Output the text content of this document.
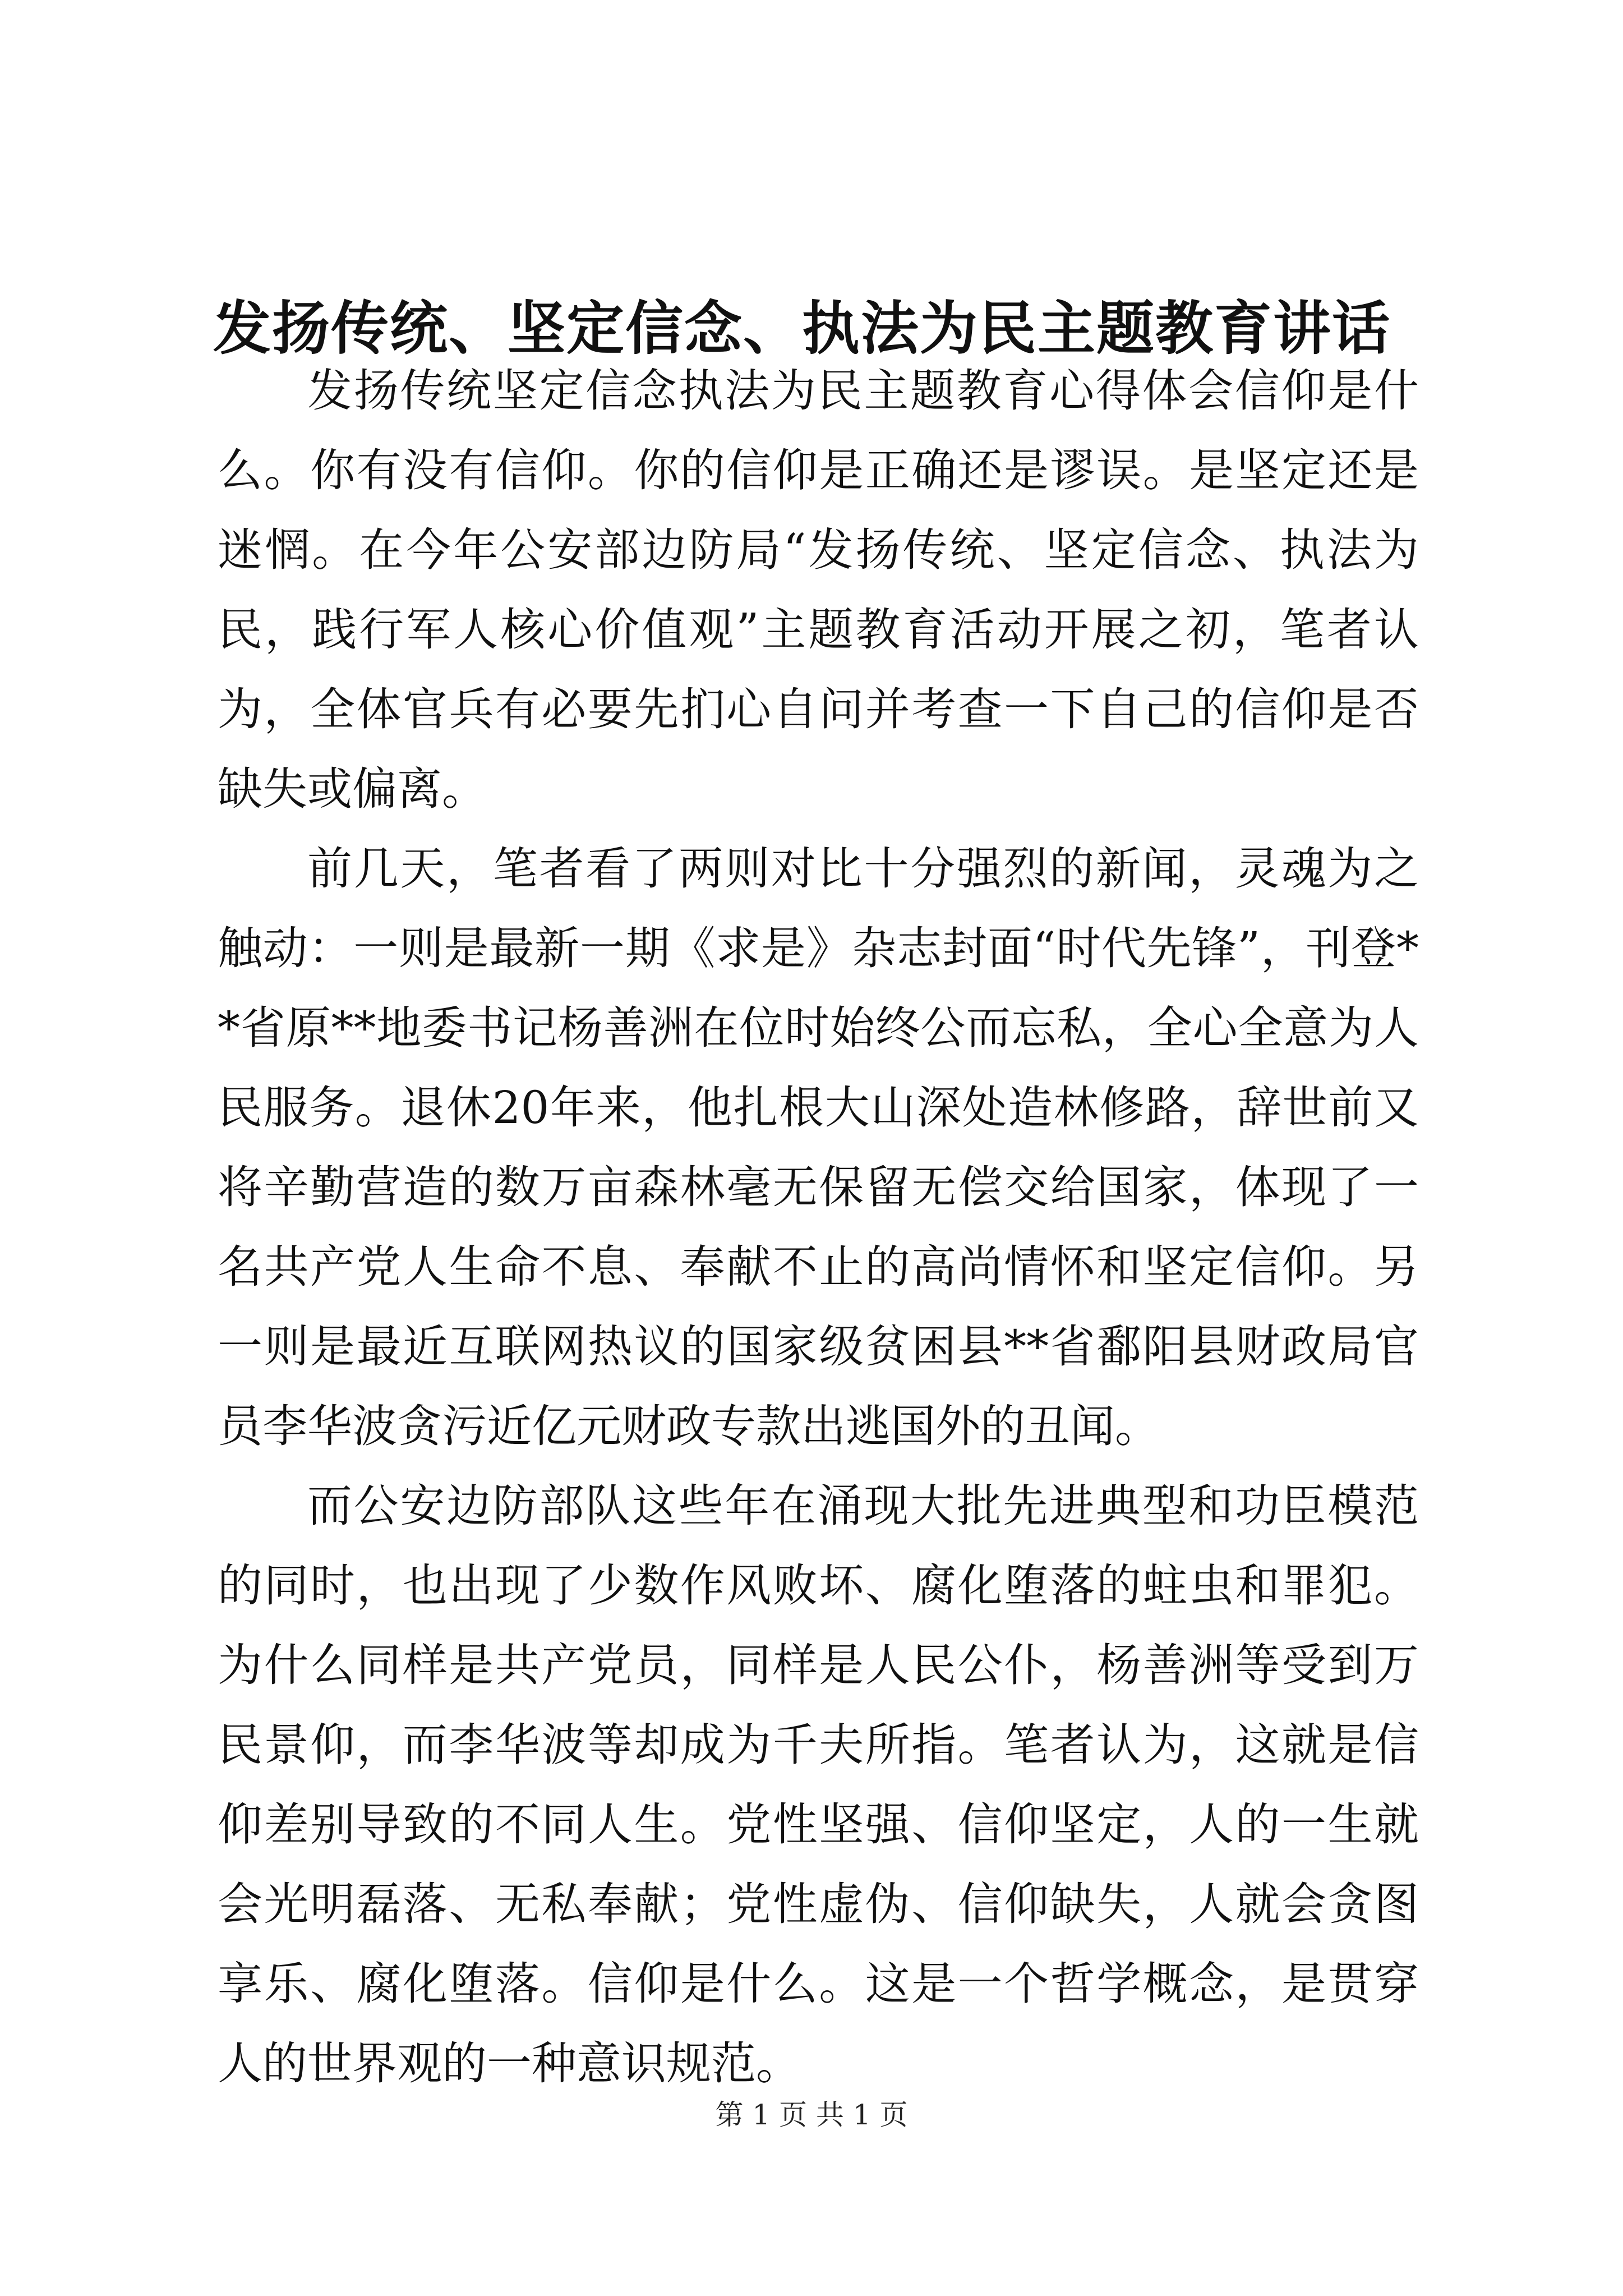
发扬传统、坚定信念、执法为民主题教育讲话

发扬传统坚定信念执法为民主题教育心得体会信仰是什么。你有没有信仰。你的信仰是正确还是谬误。是坚定还是迷惘。在今年公安部边防局“发扬传统、坚定信念、执法为民，践行军人核心价值观”主题教育活动开展之初，笔者认为，全体官兵有必要先扪心自问并考查一下自己的信仰是否缺失或偏离。

前几天，笔者看了两则对比十分强烈的新闻，灵魂为之触动：一则是最新一期《求是》杂志封面“时代先锋”，刊登**省原**地委书记杨善洲在位时始终公而忘私，全心全意为人民服务。退休20年来，他扎根大山深处造林修路，辞世前又将辛勤营造的数万亩森林毫无保留无偿交给国家，体现了一名共产党人生命不息、奉献不止的高尚情怀和坚定信仰。另一则是最近互联网热议的国家级贫困县**省鄱阳县财政局官员李华波贪污近亿元财政专款出逃国外的丑闻。

而公安边防部队这些年在涌现大批先进典型和功臣模范的同时，也出现了少数作风败坏、腐化堕落的蛀虫和罪犯。为什么同样是共产党员，同样是人民公仆，杨善洲等受到万民景仰，而李华波等却成为千夫所指。笔者认为，这就是信仰差别导致的不同人生。党性坚强、信仰坚定，人的一生就会光明磊落、无私奉献；党性虚伪、信仰缺失，人就会贪图享乐、腐化堕落。信仰是什么。这是一个哲学概念，是贯穿人的世界观的一种意识规范。

第 1 页 共 1 页
